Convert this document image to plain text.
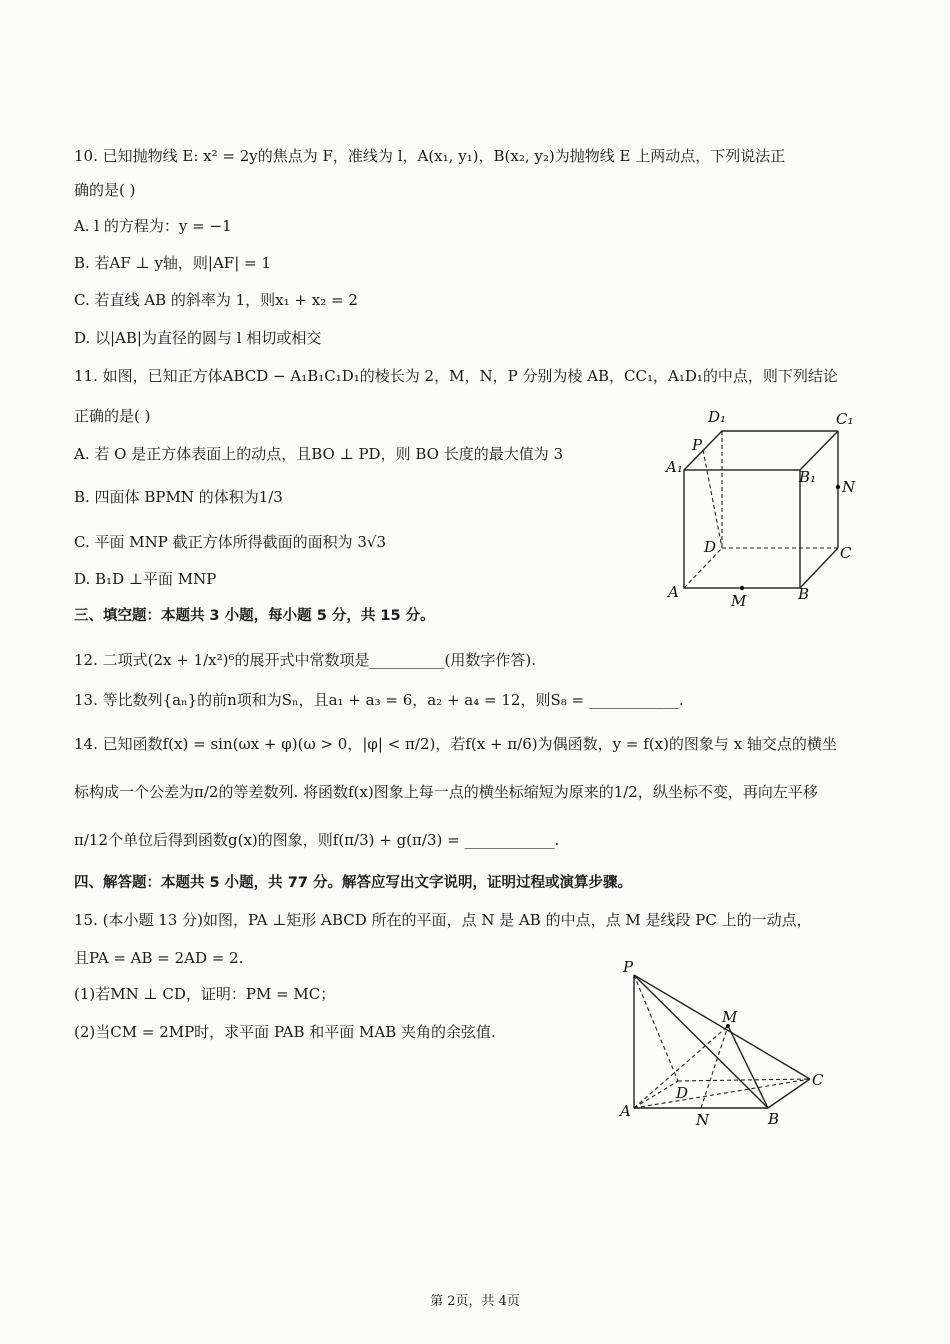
10. 已知抛物线 E: x² = 2y的焦点为 F，准线为 l，A(x₁, y₁)，B(x₂, y₂)为抛物线 E 上两动点，下列说法正
确的是( )
A. l 的方程为：y = −1
B. 若AF ⊥ y轴，则|AF| = 1
C. 若直线 AB 的斜率为 1，则x₁ + x₂ = 2
D. 以|AB|为直径的圆与 l 相切或相交
11. 如图，已知正方体ABCD − A₁B₁C₁D₁的棱长为 2，M，N，P 分别为棱 AB，CC₁，A₁D₁的中点，则下列结论
正确的是( )
A. 若 O 是正方体表面上的动点，且BO ⊥ PD，则 BO 长度的最大值为 3
B. 四面体 BPMN 的体积为1/3
C. 平面 MNP 截正方体所得截面的面积为 3√3
D. B₁D ⊥平面 MNP
D₁	C₁
P
A₁
B₁
N
D	C
A	M	B
三、填空题：本题共 3 小题，每小题 5 分，共 15 分。
12. 二项式(2x + 1/x²)⁶的展开式中常数项是__________(用数字作答).
13. 等比数列{aₙ}的前n项和为Sₙ，且a₁ + a₃ = 6，a₂ + a₄ = 12，则S₈ = ____________.
14. 已知函数f(x) = sin(ωx + φ)(ω > 0，|φ| < π/2)，若f(x + π/6)为偶函数，y = f(x)的图象与 x 轴交点的横坐
标构成一个公差为π/2的等差数列. 将函数f(x)图象上每一点的横坐标缩短为原来的1/2，纵坐标不变，再向左平移
π/12个单位后得到函数g(x)的图象，则f(π/3) + g(π/3) = ____________.
四、解答题：本题共 5 小题，共 77 分。解答应写出文字说明，证明过程或演算步骤。
15. (本小题 13 分)如图，PA ⊥矩形 ABCD 所在的平面，点 N 是 AB 的中点，点 M 是线段 PC 上的一动点，
且PA = AB = 2AD = 2.
(1)若MN ⊥ CD，证明：PM = MC；
(2)当CM = 2MP时，求平面 PAB 和平面 MAB 夹角的余弦值.
P
M
D
C
A	N	B
第 2页，共 4页
